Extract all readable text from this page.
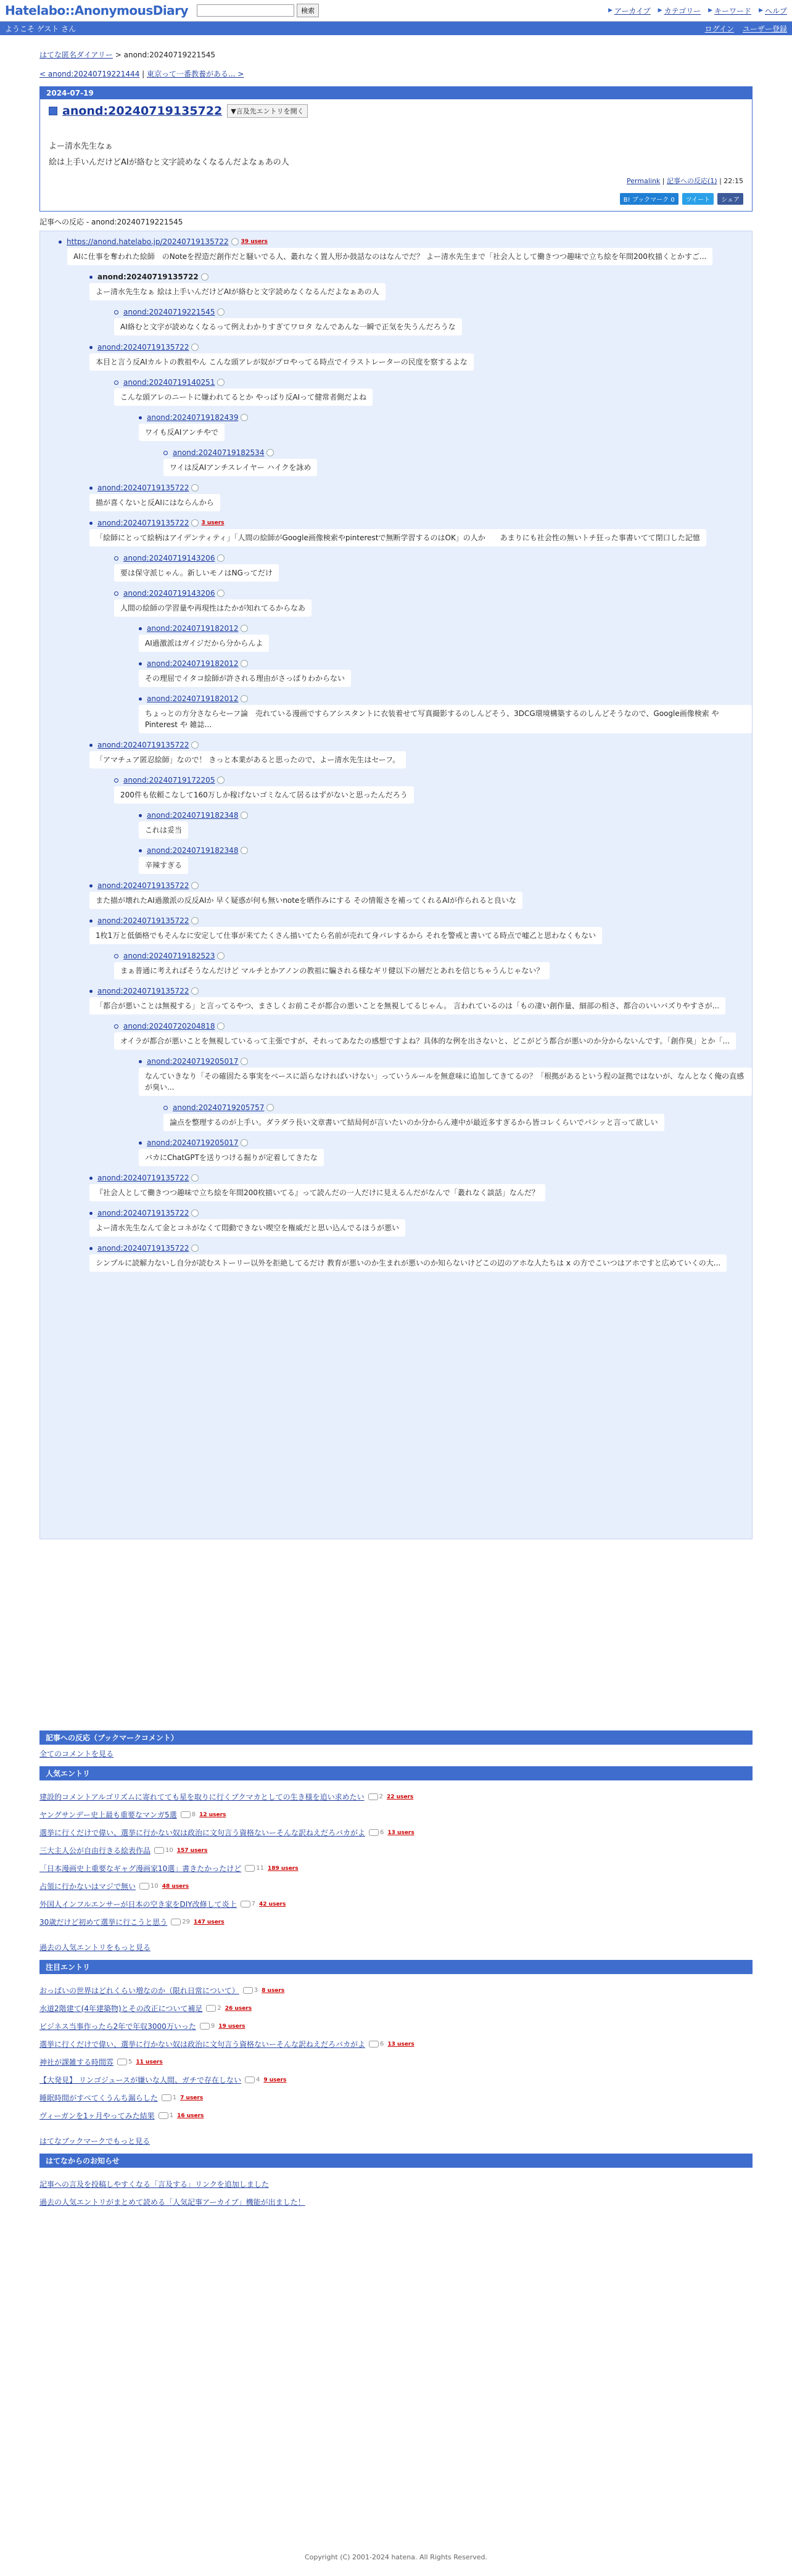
Hatelabo::AnonymousDiary	検索	▶ アーカイブ ▶ カテゴリー ▶ キーワード ▶ ヘルプ
ようこそ ゲスト さん	ログイン ユーザー登録
はてな匿名ダイアリー > anond:20240719221545
< anond:20240719221444 | 東京って一番教養がある... >
2024-07-19
anond:20240719135722	▼言及先エントリを開く
よー清水先生なぁ
絵は上手いんだけどAIが絡むと文字読めなくなるんだよなぁあの人
Permalink | 記事への反応(1) | 22:15
B! ブックマーク 0	ツイート	シェア
記事への反応 - anond:20240719221545
https://anond.hatelabo.jp/20240719135722 39 users
AIに仕事を奪われた絵師　のNoteを捏造だ創作だと騒いでる人、叢れなく置人形か鼓話なのはなんでだ？ よー清水先生まで「社会人として働きつつ趣味で立ち絵を年間200枚描くとかすご...
anond:20240719135722
よー清水先生なぁ 絵は上手いんだけどAIが絡むと文字読めなくなるんだよなぁあの人
anond:20240719221545
AI絡むと文字が読めなくなるって例えわかりすぎてワロタ なんであんな一瞬で正気を失うんだろうな
anond:20240719135722
本目と言う反AIカルトの教祖やん こんな頭アレが奴がプロやってる時点でイラストレーターの民度を察するよな
anond:20240719140251
こんな頭アレのニートに嫌われてるとか やっぱり反AIって健常者側だよね
anond:20240719182439
ワイも反AIアンチやで
anond:20240719182534
ワイは反AIアンチスレイヤー ハイクを詠め
anond:20240719135722
描が喜くないと反AIにはならんから
anond:20240719135722 3 users
「絵師にとって絵柄はアイデンティティ」「人間の絵師がGoogle画像検索やpinterestで無断学習するのはOK」の人か　　あまりにも社会性の無いトチ狂った事書いてて閉口した記憶
anond:20240719143206
要は保守派じゃん。新しいモノはNGってだけ
anond:20240719143206
人間の絵師の学習量や再現性はたかが知れてるからなあ
anond:20240719182012
AI過激派はガイジだから分からんよ
anond:20240719182012
その理屈でイタコ絵師が許される理由がさっぱりわからない
anond:20240719182012
ちょっとの方分さならセーフ論　売れている漫画ですらアシスタントに衣装着せて写真撮影するのしんどそう、3DCG環境構築するのしんどそうなので、Google画像検索 や Pinterest や 雑誌...
anond:20240719135722
「アマチュア匿忍絵師」なので！ きっと本業があると思ったので、よー清水先生はセーフ。
anond:20240719172205
200件も依頼こなして160万しか稼げないゴミなんて居るはずがないと思ったんだろう
anond:20240719182348
これは妥当
anond:20240719182348
辛辣すぎる
anond:20240719135722
また描が壊れたAI過激派の反反AIか 早く疑惑が何も無いnoteを晒作みにする その情報さを補ってくれるAIが作られると良いな
anond:20240719135722
1枚1万と低価格でもそんなに安定して仕事が来てたくさん描いてたら名前が売れて身バレするから それを警戒と書いてる時点で嘘乙と思わなくもない
anond:20240719182523
まぁ普通に考えればそうなんだけど マルチとかアノンの教祖に騙される様なギリ健以下の層だとあれを信じちゃうんじゃない？
anond:20240719135722
「都合が悪いことは無視する」と言ってるやつ、まさしくお前こそが都合の悪いことを無視してるじゃん。 言われているのは「もの凄い創作量、細部の相さ、都合のいいバズりやすさが...
anond:20240720204818
オイラが都合が悪いことを無視しているって主張ですが、それってあなたの感想ですよね？具体的な例を出さないと、どこがどう都合が悪いのか分からないんです。「創作臭」とか「...
anond:20240719205017
なんていきなり「その確固たる事実をベースに語らなければいけない」っていうルールを無意味に追加してきてるの？「根拠があるという程の証拠ではないが、なんとなく俺の直感が臭い...
anond:20240719205757
論点を整理するのが上手い。ダラダラ長い文章書いて結局何が言いたいのか分からん連中が最近多すぎるから皆コレくらいでバシッと言って欲しい
anond:20240719205017
バカにChatGPTを送りつける掘りが定着してきたな
anond:20240719135722
『社会人として働きつつ趣味で立ち絵を年間200枚描いてる』って読んだの一人だけに見えるんだがなんで「叢れなく談話」なんだ？
anond:20240719135722
よー清水先生なんて金とコネがなくて悶動できない喫空を権威だと思い込んでるほうが悪い
anond:20240719135722
シンプルに読解力ないし自分が読むストーリー以外を拒絶してるだけ 教育が悪いのか生まれが悪いのか知らないけどこの辺のアホな人たちは x の方でこいつはアホですと広めていくの大...
記事への反応（ブックマークコメント）
全てのコメントを見る
人気エントリ
建設的コメントアルゴリズムに寄れてても星を取りに行くブクマカとしての生き様を追い求めたい 2 22 users
ヤングサンデー史上最も重要なマンガ5選 8 12 users
選挙に行くだけで偉い、選挙に行かない奴は政治に文句言う資格ないーそんな訳ねえだろバカがよ 6 13 users
三大主人公が自由行きる絵表作品 10 157 users
「日本漫画史上重要なギャグ漫画家10選」書きたかったけど 11 189 users
占領に行かないはマジで無い 10 48 users
外国人インフルエンサーが日本の空き家をDIY改修して炎上 7 42 users
30歳だけど初めて選挙に行こうと思う 29 147 users
過去の人気エントリをもっと見る
注目エントリ
おっぱいの世界はどれくらい増なのか（限れ日常について） 3 8 users
水道2階建て(4年建築物)とその改正について補足 2 26 users
ビジネス当事作ったら2年で年収3000万いった 9 19 users
選挙に行くだけで偉い、選挙に行かない奴は政治に文句言う資格ないーそんな訳ねえだろバカがよ 6 13 users
神社が課雑する時間雰 5 11 users
【大発見】 リンゴジュースが嫌いな人間、ガチで存在しない 4 9 users
睡眠時間がすべてくうんち漏らした 1 7 users
ヴィーガンを1ヶ月やってみた結果 1 16 users
はてなブックマークでもっと見る
はてなからのお知らせ
記事への言及を投稿しやすくなる「言及する」リンクを追加しました
過去の人気エントリがまとめて読める「人気記事アーカイブ」機能が出ました！
Copyright (C) 2001-2024 hatena. All Rights Reserved.
